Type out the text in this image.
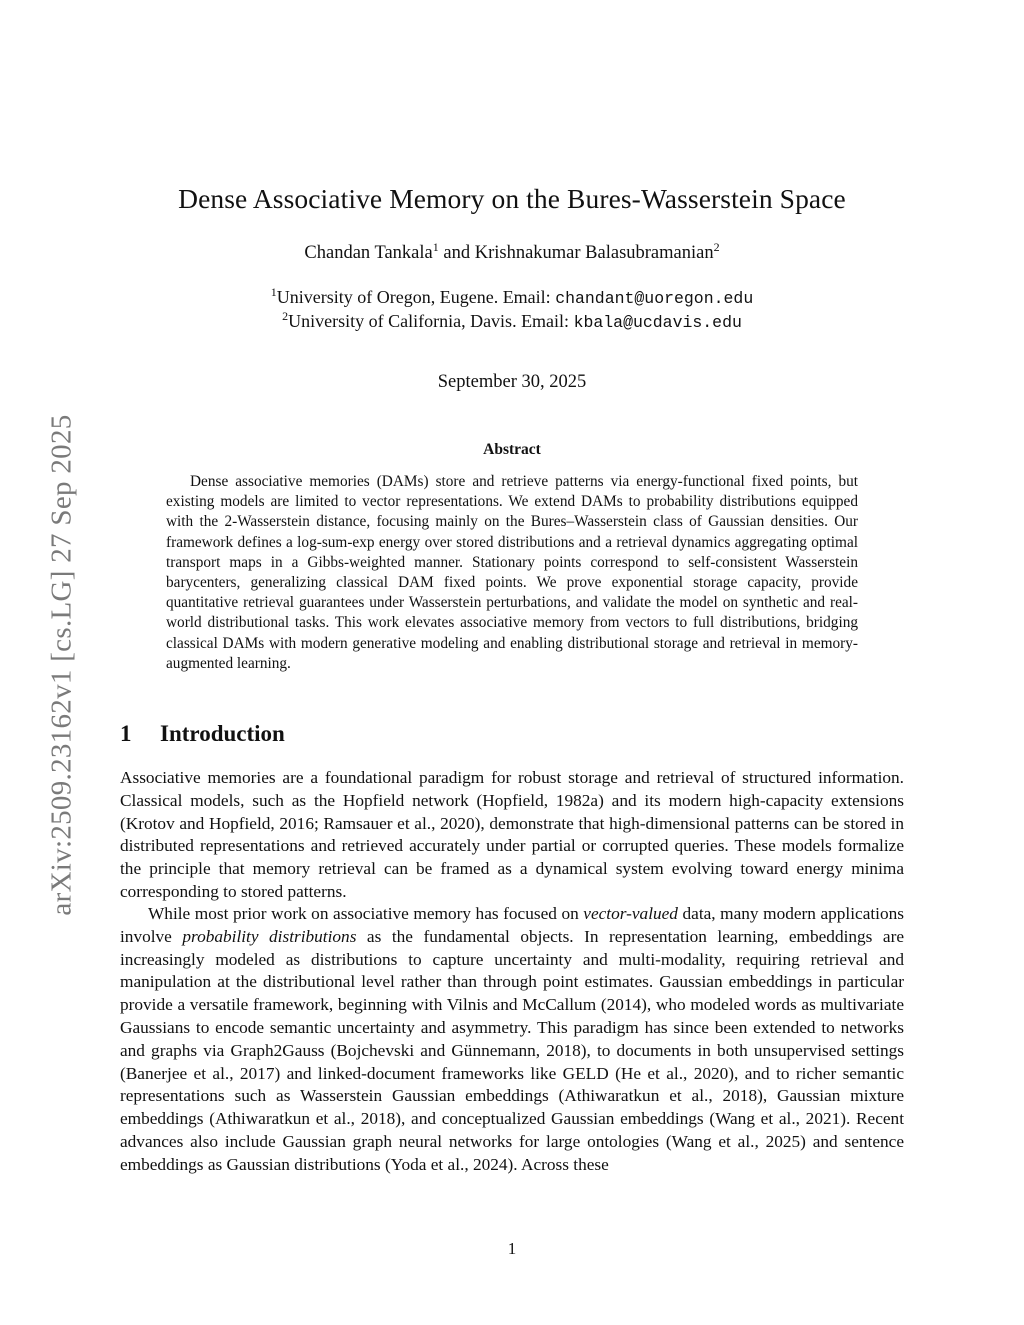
arXiv:2509.23162v1 [cs.LG] 27 Sep 2025
Dense Associative Memory on the Bures-Wasserstein Space
Chandan Tankala$^1$ and Krishnakumar Balasubramanian$^2$
$^1$University of Oregon, Eugene. Email: chandant@uoregon.edu
$^2$University of California, Davis. Email: kbala@ucdavis.edu
September 30, 2025
Abstract
Dense associative memories (DAMs) store and retrieve patterns via energy-functional fixed points, but existing models are limited to vector representations. We extend DAMs to probability distributions equipped with the 2-Wasserstein distance, focusing mainly on the Bures–Wasserstein class of Gaussian densities. Our framework defines a log-sum-exp energy over stored distributions and a retrieval dynamics aggregating optimal transport maps in a Gibbs-weighted manner. Stationary points correspond to self-consistent Wasserstein barycenters, generalizing classical DAM fixed points. We prove exponential storage capacity, provide quantitative retrieval guarantees under Wasserstein perturbations, and validate the model on synthetic and real-world distributional tasks. This work elevates associative memory from vectors to full distributions, bridging classical DAMs with modern generative modeling and enabling distributional storage and retrieval in memory-augmented learning.
1 Introduction
Associative memories are a foundational paradigm for robust storage and retrieval of structured information. Classical models, such as the Hopfield network (Hopfield, 1982a) and its modern high-capacity extensions (Krotov and Hopfield, 2016; Ramsauer et al., 2020), demonstrate that high-dimensional patterns can be stored in distributed representations and retrieved accurately under partial or corrupted queries. These models formalize the principle that memory retrieval can be framed as a dynamical system evolving toward energy minima corresponding to stored patterns.
While most prior work on associative memory has focused on vector-valued data, many modern applications involve probability distributions as the fundamental objects. In representation learning, embeddings are increasingly modeled as distributions to capture uncertainty and multi-modality, requiring retrieval and manipulation at the distributional level rather than through point estimates. Gaussian embeddings in particular provide a versatile framework, beginning with Vilnis and McCallum (2014), who modeled words as multivariate Gaussians to encode semantic uncertainty and asymmetry. This paradigm has since been extended to networks and graphs via Graph2Gauss (Bojchevski and Günnemann, 2018), to documents in both unsupervised settings (Banerjee et al., 2017) and linked-document frameworks like GELD (He et al., 2020), and to richer semantic representations such as Wasserstein Gaussian embeddings (Athiwaratkun et al., 2018), Gaussian mixture embeddings (Athiwaratkun et al., 2018), and conceptualized Gaussian embeddings (Wang et al., 2021). Recent advances also include Gaussian graph neural networks for large ontologies (Wang et al., 2025) and sentence embeddings as Gaussian distributions (Yoda et al., 2024). Across these
1
